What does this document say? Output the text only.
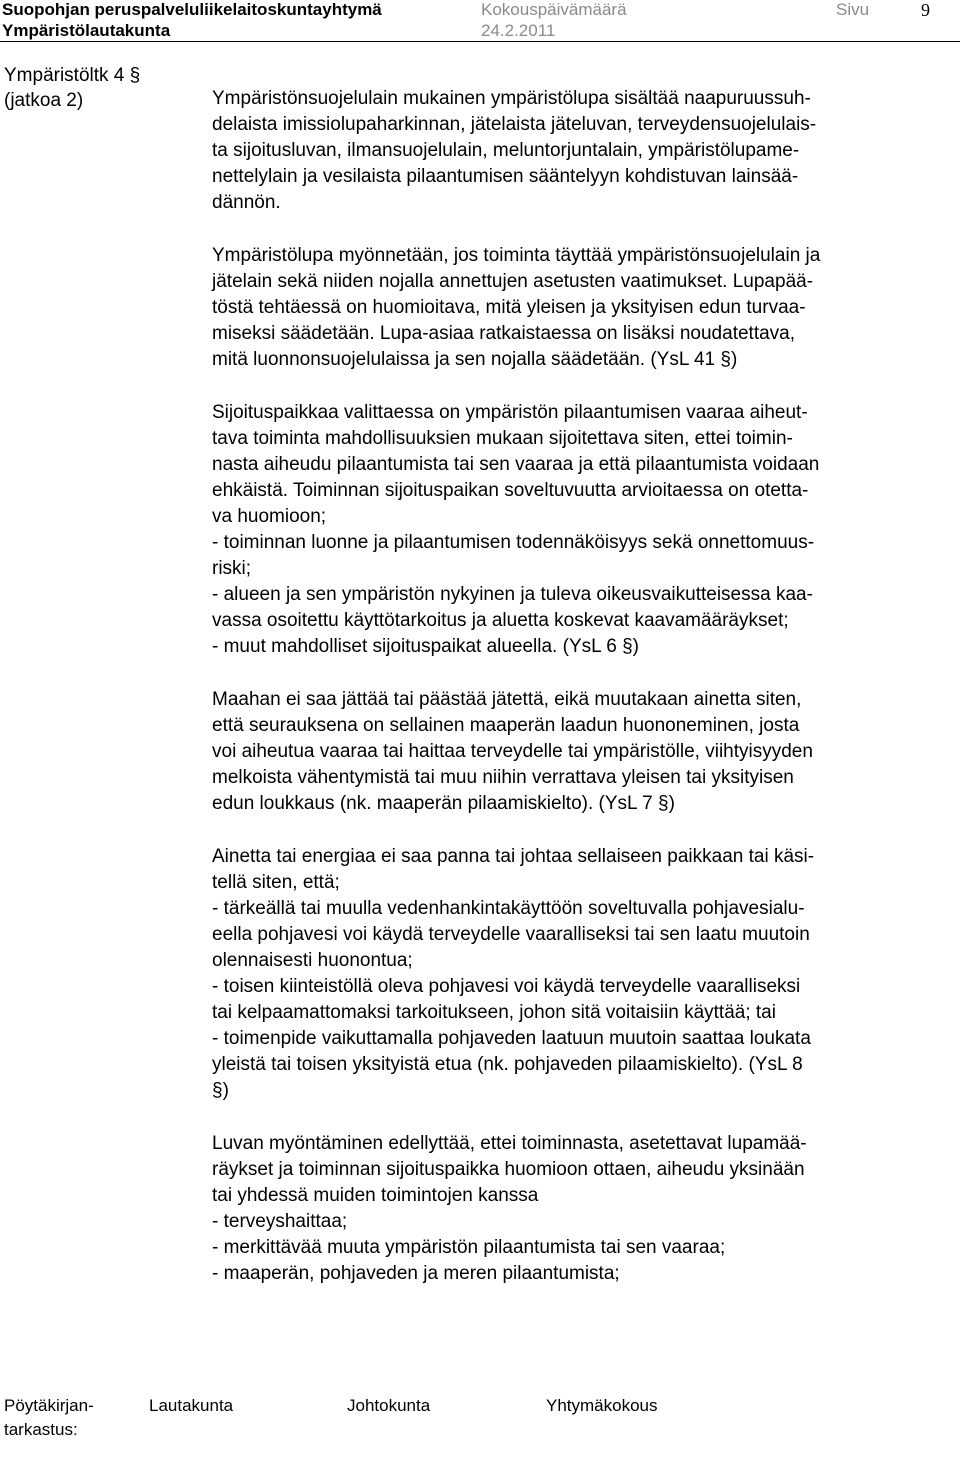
Suopohjan peruspalveluliikelaitoskuntayhtymä	Kokouspäivämäärä	Sivu	9
Ympäristölautakunta	24.2.2011
Ympäristöltk 4 §
(jatkoa 2)	Ympäristönsuojelulain mukainen ympäristölupa sisältää naapuruussuh-
delaista imissiolupaharkinnan, jätelaista jäteluvan, terveydensuojelulais-
ta sijoitusluvan, ilmansuojelulain, meluntorjuntalain, ympäristölupame-
nettelylain ja vesilaista pilaantumisen sääntelyyn kohdistuvan lainsää-
dännön.

Ympäristölupa myönnetään, jos toiminta täyttää ympäristönsuojelulain ja
jätelain sekä niiden nojalla annettujen asetusten vaatimukset. Lupapää-
töstä tehtäessä on huomioitava, mitä yleisen ja yksityisen edun turvaa-
miseksi säädetään. Lupa-asiaa ratkaistaessa on lisäksi noudatettava,
mitä luonnonsuojelulaissa ja sen nojalla säädetään. (YsL 41 §)

Sijoituspaikkaa valittaessa on ympäristön pilaantumisen vaaraa aiheut-
tava toiminta mahdollisuuksien mukaan sijoitettava siten, ettei toimin-
nasta aiheudu pilaantumista tai sen vaaraa ja että pilaantumista voidaan
ehkäistä. Toiminnan sijoituspaikan soveltuvuutta arvioitaessa on otetta-
va huomioon;
- toiminnan luonne ja pilaantumisen todennäköisyys sekä onnettomuus-
riski;
- alueen ja sen ympäristön nykyinen ja tuleva oikeusvaikutteisessa kaa-
vassa osoitettu käyttötarkoitus ja aluetta koskevat kaavamääräykset;
- muut mahdolliset sijoituspaikat alueella. (YsL 6 §)

Maahan ei saa jättää tai päästää jätettä, eikä muutakaan ainetta siten,
että seurauksena on sellainen maaperän laadun huononeminen, josta
voi aiheutua vaaraa tai haittaa terveydelle tai ympäristölle, viihtyisyyden
melkoista vähentymistä tai muu niihin verrattava yleisen tai yksityisen
edun loukkaus (nk. maaperän pilaamiskielto). (YsL 7 §)

Ainetta tai energiaa ei saa panna tai johtaa sellaiseen paikkaan tai käsi-
tellä siten, että;
- tärkeällä tai muulla vedenhankintakäyttöön soveltuvalla pohjavesialu-
eella pohjavesi voi käydä terveydelle vaaralliseksi tai sen laatu muutoin
olennaisesti huonontua;
- toisen kiinteistöllä oleva pohjavesi voi käydä terveydelle vaaralliseksi
tai kelpaamattomaksi tarkoitukseen, johon sitä voitaisiin käyttää; tai
- toimenpide vaikuttamalla pohjaveden laatuun muutoin saattaa loukata
yleistä tai toisen yksityistä etua (nk. pohjaveden pilaamiskielto). (YsL 8
§)

Luvan myöntäminen edellyttää, ettei toiminnasta, asetettavat lupamää-
räykset ja toiminnan sijoituspaikka huomioon ottaen, aiheudu yksinään
tai yhdessä muiden toimintojen kanssa
- terveyshaittaa;
- merkittävää muuta ympäristön pilaantumista tai sen vaaraa;
- maaperän, pohjaveden ja meren pilaantumista;

Pöytäkirjan-
tarkastus:
Lautakunta	Johtokunta	Yhtymäkokous
